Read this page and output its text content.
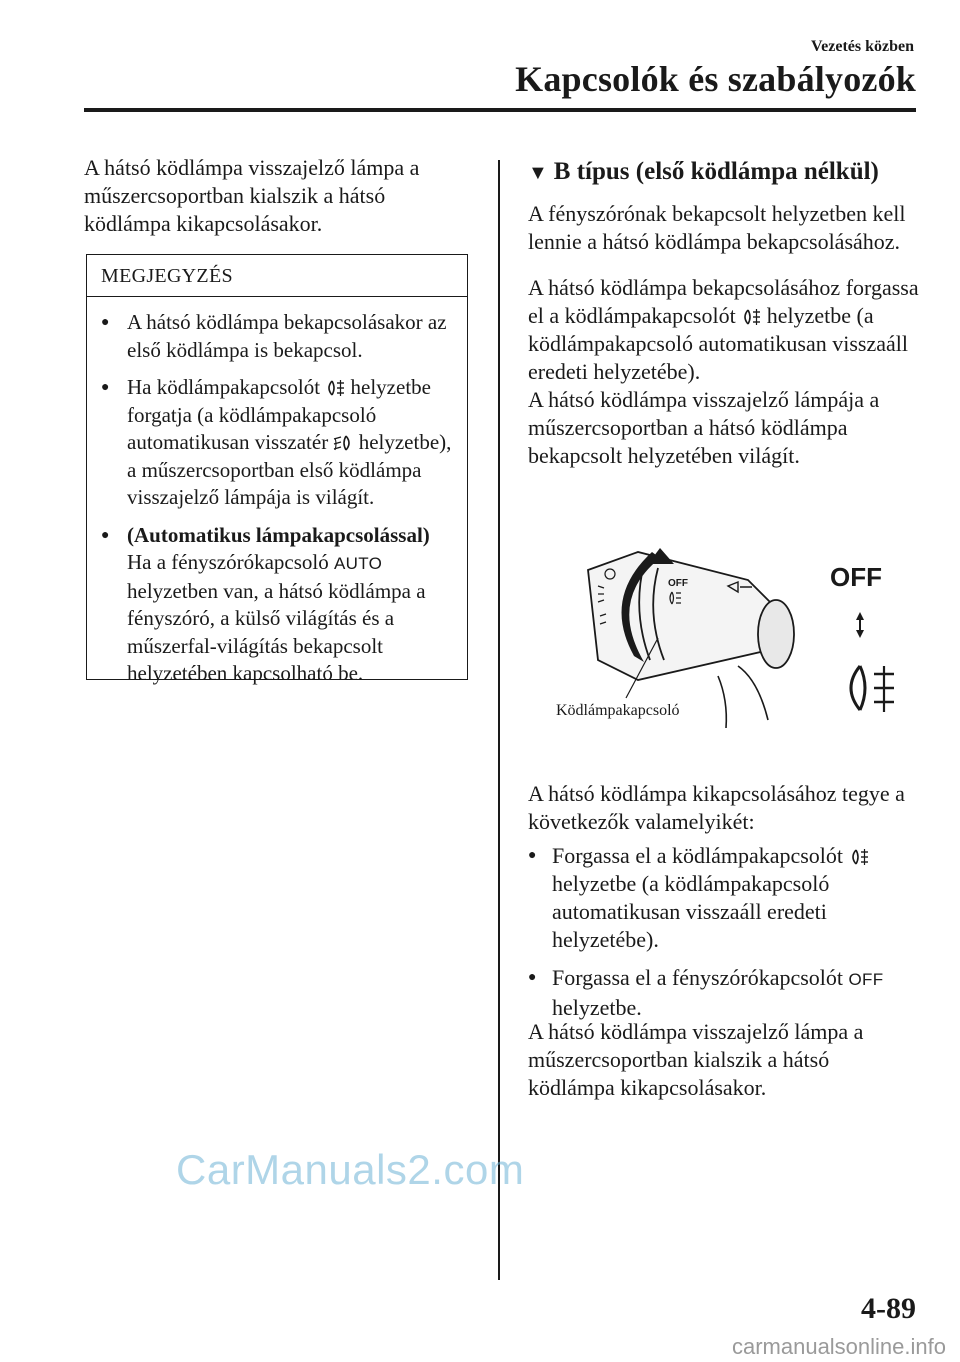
Vezetés közben
Kapcsolók és szabályozók

A hátsó ködlámpa visszajelző lámpa a műszercsoportban kialszik a hátsó ködlámpa kikapcsolásakor.

MEGJEGYZÉS
● A hátsó ködlámpa bekapcsolásakor az első ködlámpa is bekapcsol.
● Ha ködlámpakapcsolót helyzetbe forgatja (a ködlámpakapcsoló automatikusan visszatér helyzetbe), a műszercsoportban első ködlámpa visszajelző lámpája is világít.
● (Automatikus lámpakapcsolással)
Ha a fényszórókapcsoló AUTO helyzetben van, a hátsó ködlámpa a fényszóró, a külső világítás és a műszerfal-világítás bekapcsolt helyzetében kapcsolható be.
▼ B típus (első ködlámpa nélkül)

A fényszórónak bekapcsolt helyzetben kell lennie a hátsó ködlámpa bekapcsolásához.

A hátsó ködlámpa bekapcsolásához forgassa el a ködlámpakapcsolót helyzetbe (a ködlámpakapcsoló automatikusan visszaáll eredeti helyzetébe).
A hátsó ködlámpa visszajelző lámpája a műszercsoportban a hátsó ködlámpa bekapcsolt helyzetében világít.

OFF	OFF
Ködlámpakapcsoló

A hátsó ködlámpa kikapcsolásához tegye a következők valamelyikét:

● Forgassa el a ködlámpakapcsolót  helyzetbe (a ködlámpakapcsoló automatikusan visszaáll eredeti helyzetébe).
● Forgassa el a fényszórókapcsolót OFF helyzetbe.

A hátsó ködlámpa visszajelző lámpa a műszercsoportban kialszik a hátsó ködlámpa kikapcsolásakor.

CarManuals2.com
4-89
carmanualsonline.info
